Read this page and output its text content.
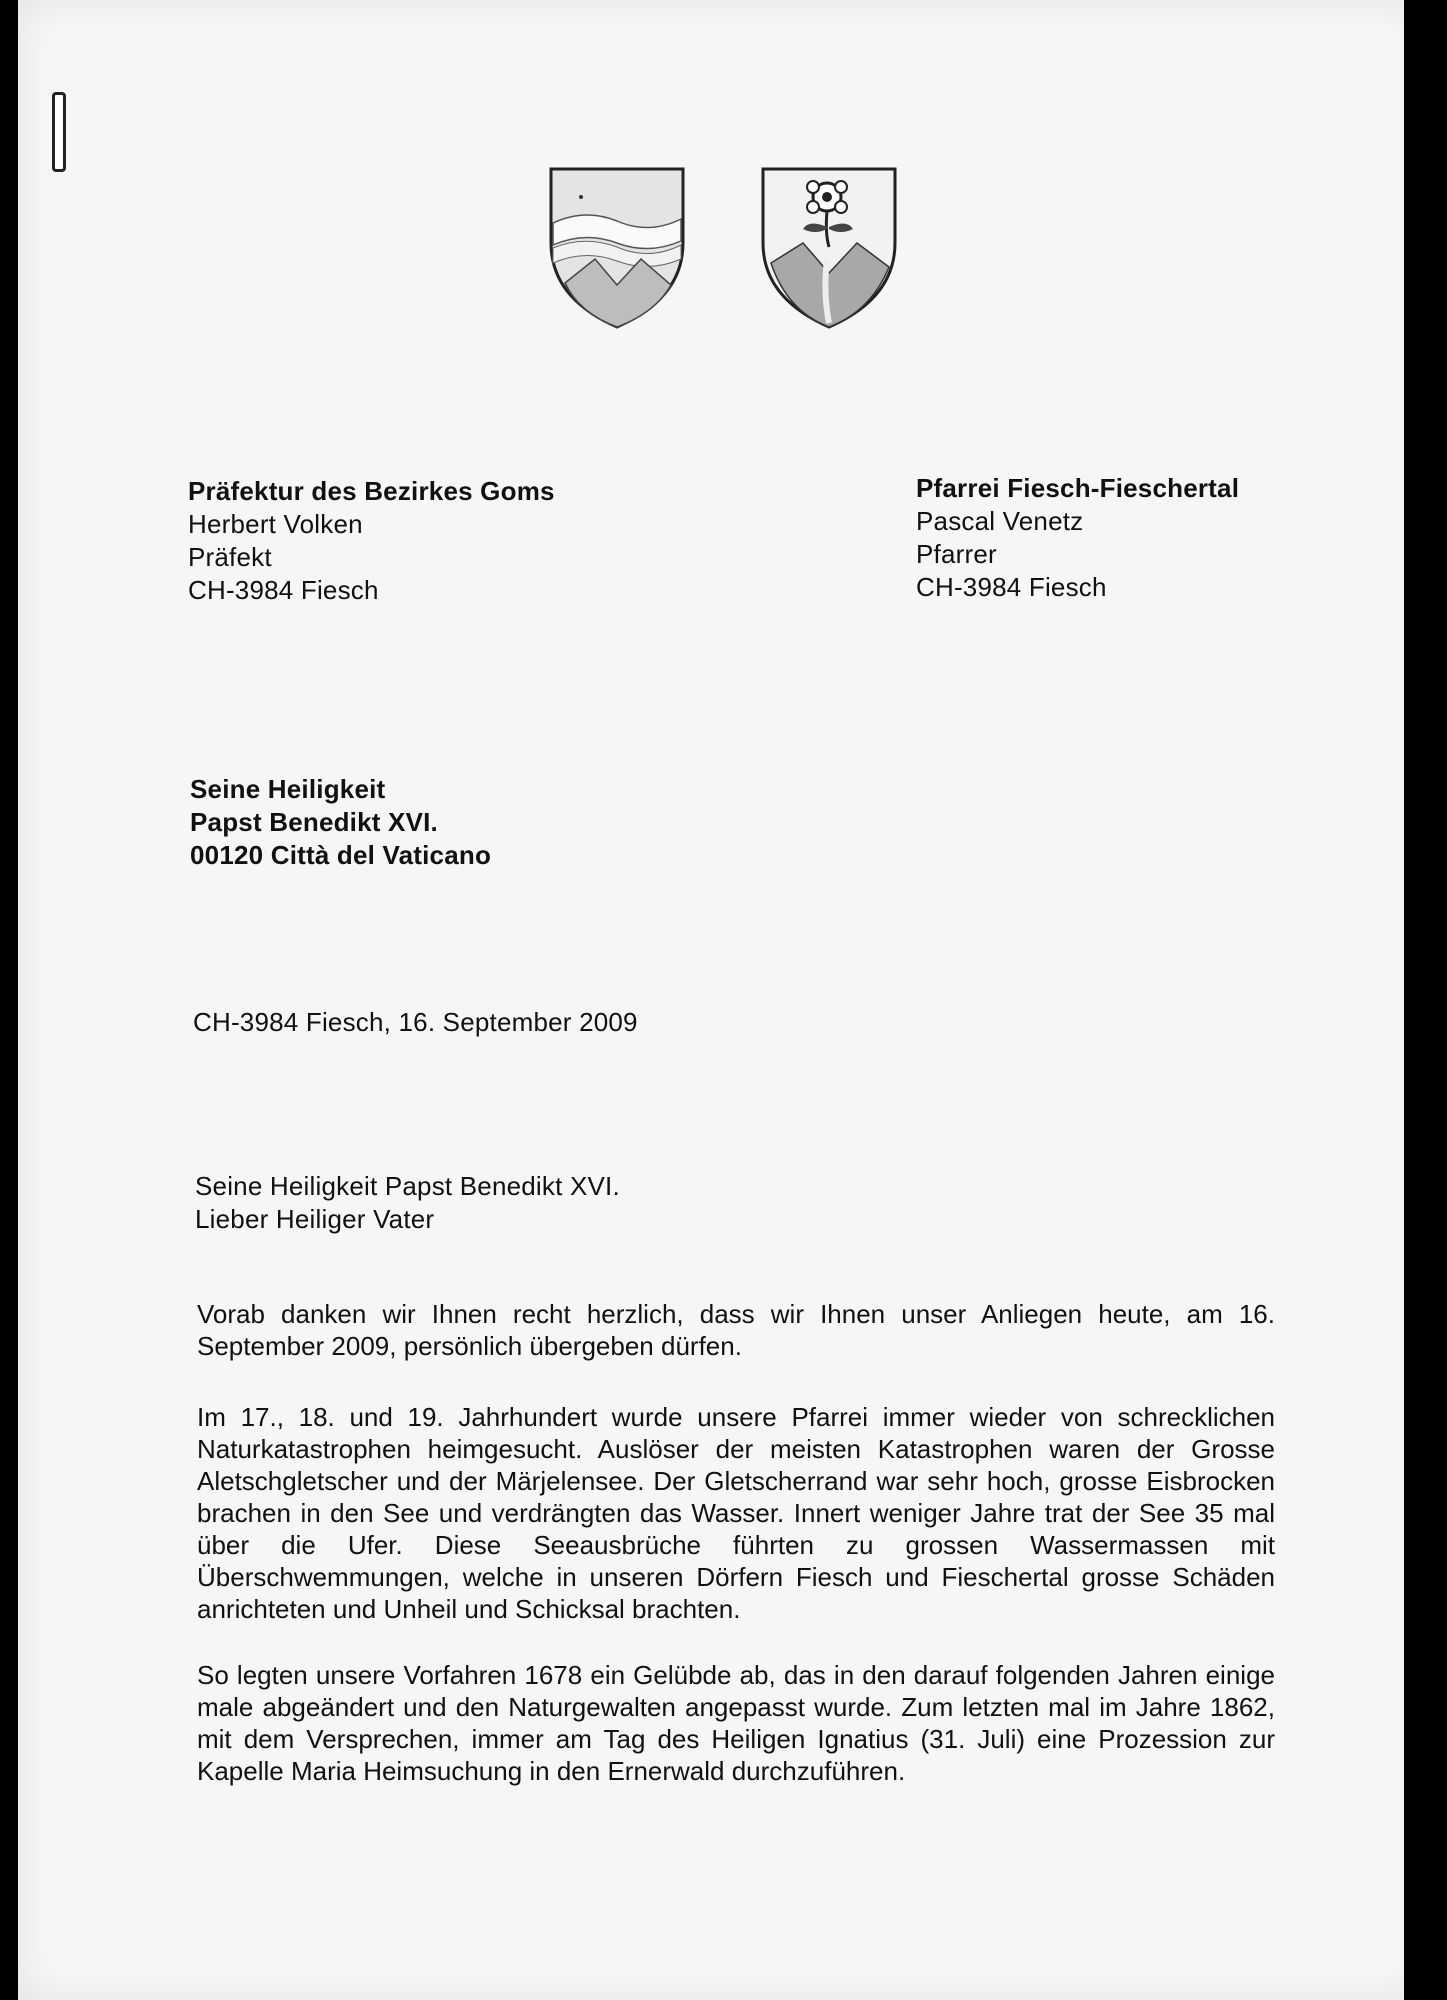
Präfektur des Bezirkes Goms
Herbert Volken
Präfekt
CH-3984 Fiesch
Pfarrei Fiesch-Fieschertal
Pascal Venetz
Pfarrer
CH-3984 Fiesch
Seine Heiligkeit
Papst Benedikt XVI.
00120 Città del Vaticano
CH-3984 Fiesch, 16. September 2009
Seine Heiligkeit Papst Benedikt XVI.
Lieber Heiliger Vater

Vorab danken wir Ihnen recht herzlich, dass wir Ihnen unser Anliegen heute, am 16. September 2009, persönlich übergeben dürfen.

Im 17., 18. und 19. Jahrhundert wurde unsere Pfarrei immer wieder von schrecklichen Naturkatastrophen heimgesucht. Auslöser der meisten Katastrophen waren der Grosse Aletschgletscher und der Märjelensee. Der Gletscherrand war sehr hoch, grosse Eisbrocken brachen in den See und verdrängten das Wasser. Innert weniger Jahre trat der See 35 mal über die Ufer. Diese Seeausbrüche führten zu grossen Wassermassen mit Überschwemmungen, welche in unseren Dörfern Fiesch und Fieschertal grosse Schäden anrichteten und Unheil und Schicksal brachten.

So legten unsere Vorfahren 1678 ein Gelübde ab, das in den darauf folgenden Jahren einige male abgeändert und den Naturgewalten angepasst wurde. Zum letzten mal im Jahre 1862, mit dem Versprechen, immer am Tag des Heiligen Ignatius (31. Juli) eine Prozession zur Kapelle Maria Heimsuchung in den Ernerwald durchzuführen.
